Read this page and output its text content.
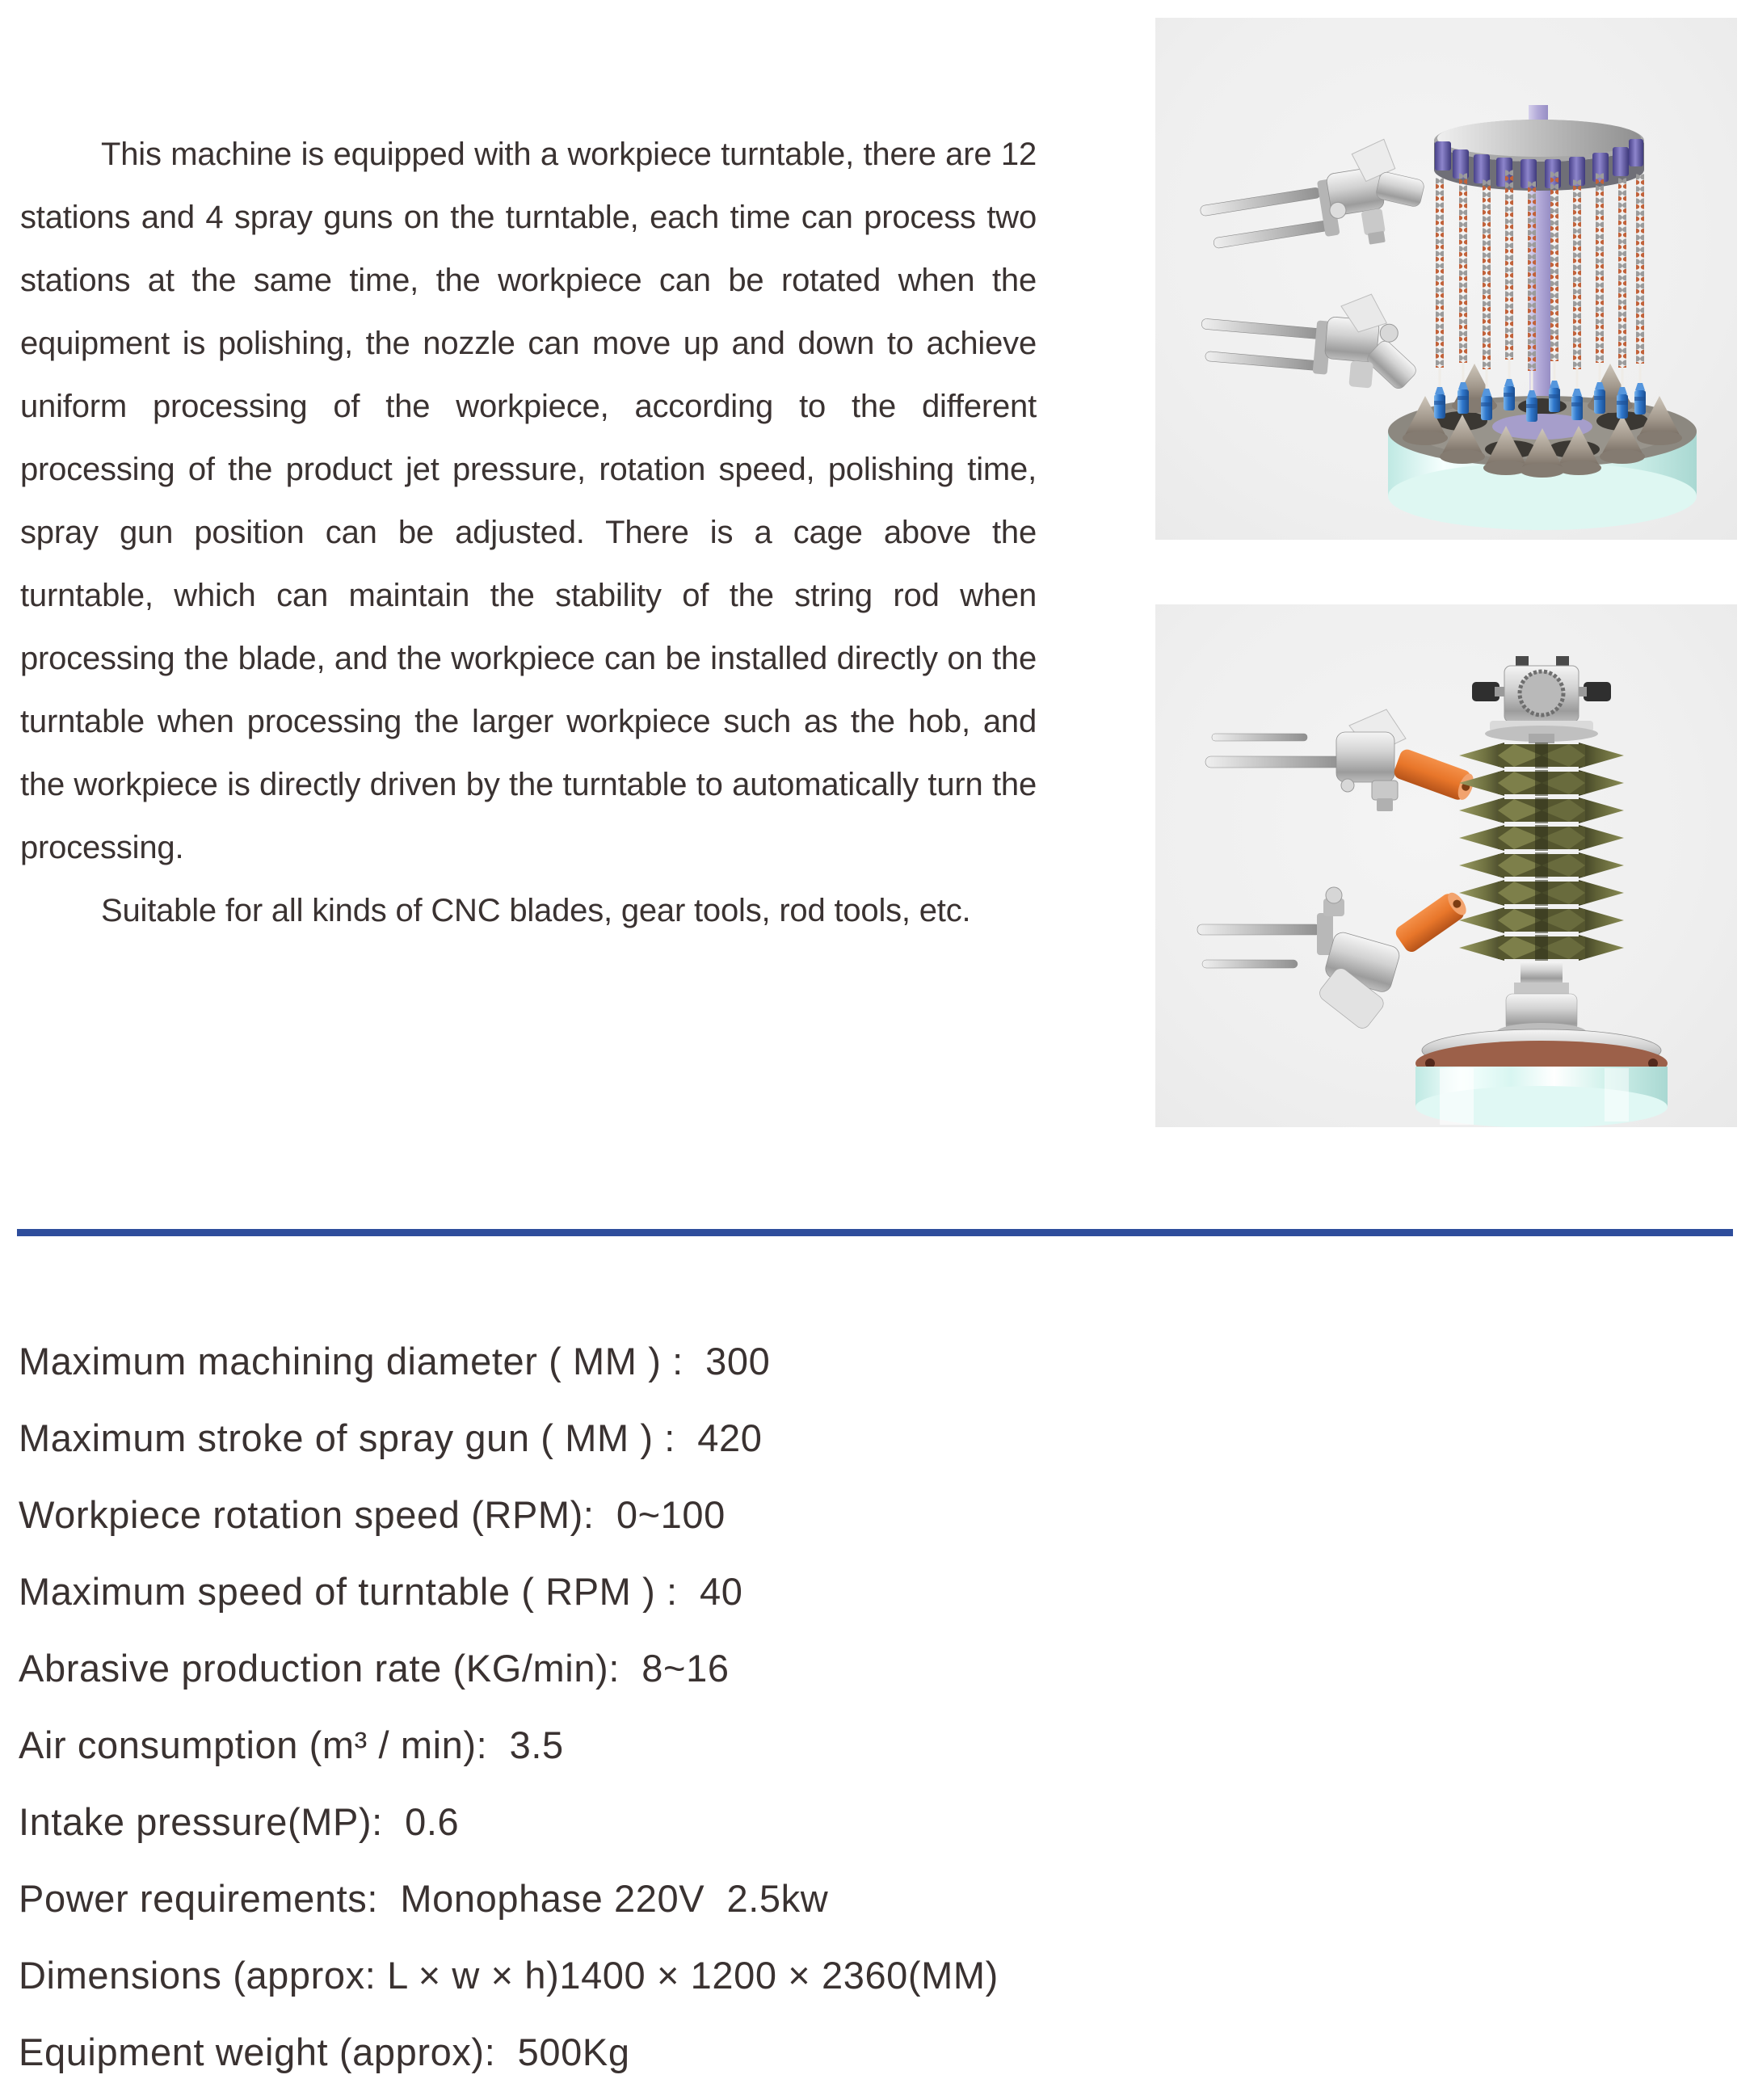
This machine is equipped with a workpiece turntable, there are 12 stations and 4 spray guns on the turntable, each time can process two stations at the same time, the workpiece can be rotated when the equipment is polishing, the nozzle can move up and down to achieve uniform processing of the workpiece, according to the different processing of the product jet pressure, rotation speed, polishing time, spray gun position can be adjusted. There is a cage above the turntable, which can maintain the stability of the string rod when processing the blade, and the workpiece can be installed directly on the turntable when processing the larger workpiece such as the hob, and the workpiece is directly driven by the turntable to automatically turn the processing.

Suitable for all kinds of CNC blades, gear tools, rod tools, etc.

Maximum machining diameter ( MM ) : 300
Maximum stroke of spray gun ( MM ) : 420
Workpiece rotation speed (RPM) : 0~100
Maximum speed of turntable ( RPM ) : 40
Abrasive production rate (KG/min) : 8~16
Air consumption (m³ / min) : 3.5
Intake pressure(MP) : 0.6
Power requirements : Monophase 220V  2.5kw
Dimensions (approx: L × w × h) 1400 × 1200 × 2360(MM)
Equipment weight (approx) : 500Kg
